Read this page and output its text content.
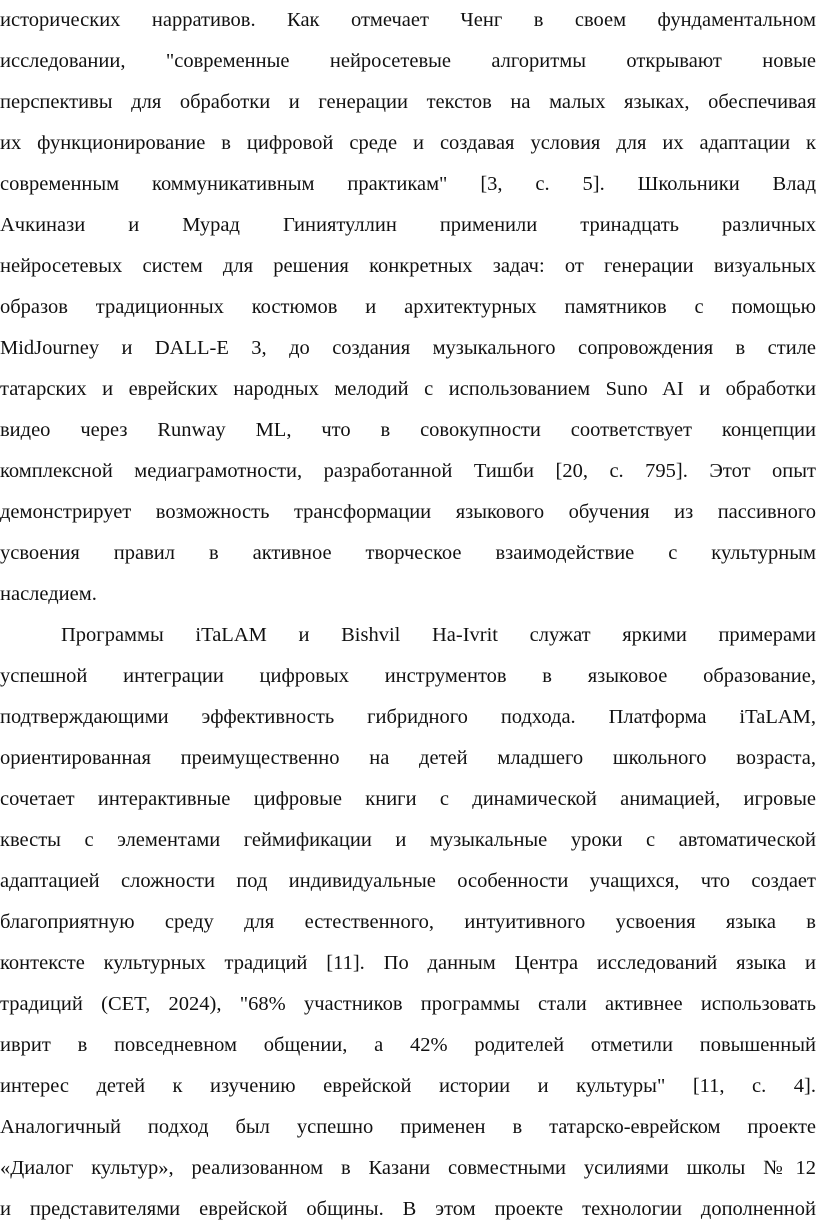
исторических нарративов. Как отмечает Ченг в своем фундаментальном
исследовании, "современные нейросетевые алгоритмы открывают новые
перспективы для обработки и генерации текстов на малых языках, обеспечивая
их функционирование в цифровой среде и создавая условия для их адаптации к
современным коммуникативным практикам" [3, с. 5]. Школьники Влад
Ачкинази и Мурад Гиниятуллин применили тринадцать различных
нейросетевых систем для решения конкретных задач: от генерации визуальных
образов традиционных костюмов и архитектурных памятников с помощью
MidJourney и DALL-E 3, до создания музыкального сопровождения в стиле
татарских и еврейских народных мелодий с использованием Suno AI и обработки
видео через Runway ML, что в совокупности соответствует концепции
комплексной медиаграмотности, разработанной Тишби [20, с. 795]. Этот опыт
демонстрирует возможность трансформации языкового обучения из пассивного
усвоения правил в активное творческое взаимодействие с культурным
наследием.
Программы iTaLAM и Bishvil Ha-Ivrit служат яркими примерами
успешной интеграции цифровых инструментов в языковое образование,
подтверждающими эффективность гибридного подхода. Платформа iTaLAM,
ориентированная преимущественно на детей младшего школьного возраста,
сочетает интерактивные цифровые книги с динамической анимацией, игровые
квесты с элементами геймификации и музыкальные уроки с автоматической
адаптацией сложности под индивидуальные особенности учащихся, что создает
благоприятную среду для естественного, интуитивного усвоения языка в
контексте культурных традиций [11]. По данным Центра исследований языка и
традиций (CET, 2024), "68% участников программы стали активнее использовать
иврит в повседневном общении, а 42% родителей отметили повышенный
интерес детей к изучению еврейской истории и культуры" [11, с. 4].
Аналогичный подход был успешно применен в татарско-еврейском проекте
«Диалог культур», реализованном в Казани совместными усилиями школы №12
и представителями еврейской общины. В этом проекте технологии дополненной
